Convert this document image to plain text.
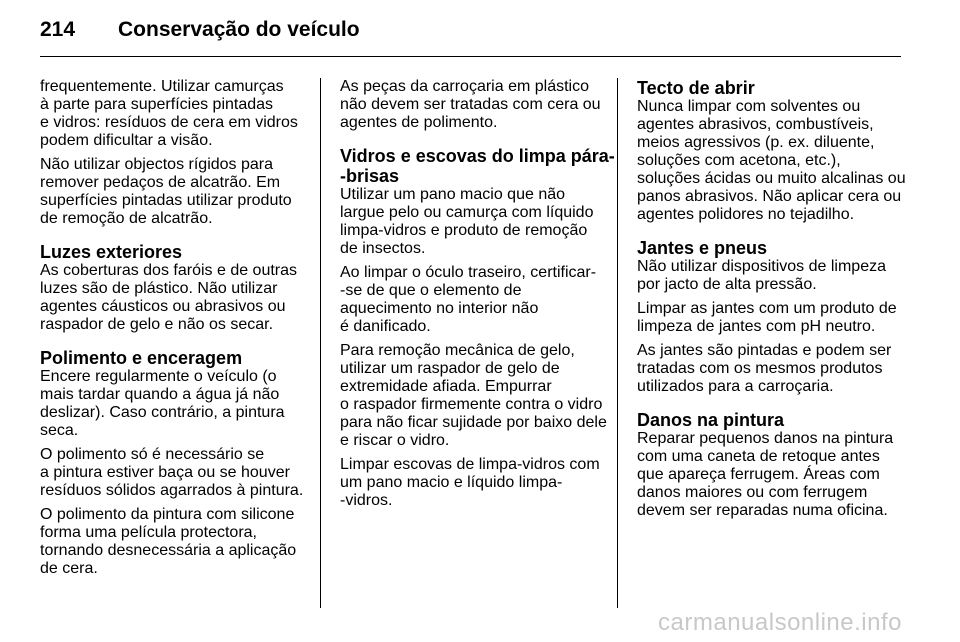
214 Conservação do veículo

frequentemente. Utilizar camurças
à parte para superfícies pintadas
e vidros: resíduos de cera em vidros
podem dificultar a visão.

Não utilizar objectos rígidos para
remover pedaços de alcatrão. Em
superfícies pintadas utilizar produto
de remoção de alcatrão.

Luzes exteriores

As coberturas dos faróis e de outras
luzes são de plástico. Não utilizar
agentes cáusticos ou abrasivos ou
raspador de gelo e não os secar.

Polimento e enceragem

Encere regularmente o veículo (o
mais tardar quando a água já não
deslizar). Caso contrário, a pintura
seca.

O polimento só é necessário se
a pintura estiver baça ou se houver
resíduos sólidos agarrados à pintura.

O polimento da pintura com silicone
forma uma película protectora,
tornando desnecessária a aplicação
de cera.

As peças da carroçaria em plástico
não devem ser tratadas com cera ou
agentes de polimento.

Vidros e escovas do limpa pára-
-brisas

Utilizar um pano macio que não
largue pelo ou camurça com líquido
limpa-vidros e produto de remoção
de insectos.

Ao limpar o óculo traseiro, certificar-
-se de que o elemento de
aquecimento no interior não
é danificado.

Para remoção mecânica de gelo,
utilizar um raspador de gelo de
extremidade afiada. Empurrar
o raspador firmemente contra o vidro
para não ficar sujidade por baixo dele
e riscar o vidro.

Limpar escovas de limpa-vidros com
um pano macio e líquido limpa-
-vidros.

Tecto de abrir

Nunca limpar com solventes ou
agentes abrasivos, combustíveis,
meios agressivos (p. ex. diluente,
soluções com acetona, etc.),
soluções ácidas ou muito alcalinas ou
panos abrasivos. Não aplicar cera ou
agentes polidores no tejadilho.

Jantes e pneus

Não utilizar dispositivos de limpeza
por jacto de alta pressão.

Limpar as jantes com um produto de
limpeza de jantes com pH neutro.

As jantes são pintadas e podem ser
tratadas com os mesmos produtos
utilizados para a carroçaria.

Danos na pintura

Reparar pequenos danos na pintura
com uma caneta de retoque antes
que apareça ferrugem. Áreas com
danos maiores ou com ferrugem
devem ser reparadas numa oficina.

carmanualsonline.info
